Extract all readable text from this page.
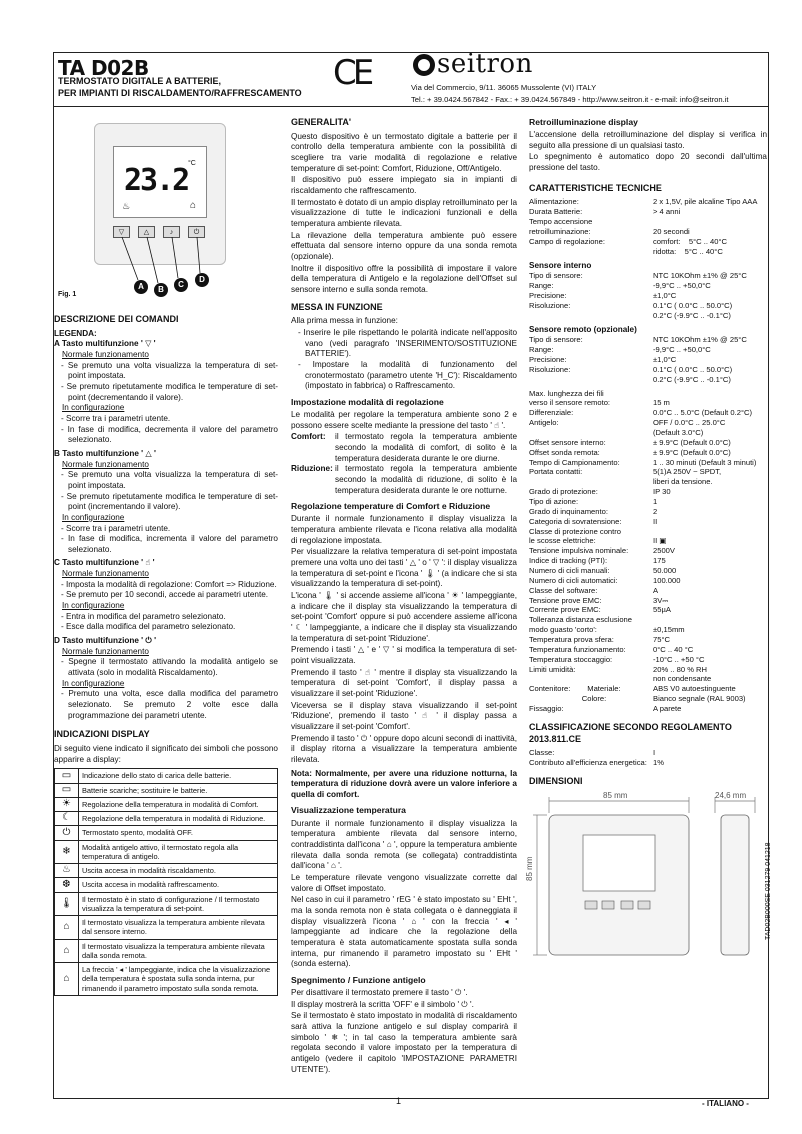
TA D02B
TERMOSTATO DIGITALE A BATTERIE,
PER IMPIANTI DI RISCALDAMENTO/RAFFRESCAMENTO
CE	seitron
Via del Commercio, 9/11. 36065 Mussolente (VI) ITALY
Tel.: + 39.0424.567842 - Fax.: + 39.0424.567849 - http://www.seitron.it - e-mail: info@seitron.it
23.2 °C
⌂
♨
▽	△	♪	⏻
A	B
C
D
Fig. 1
DESCRIZIONE DEI COMANDI
LEGENDA:
A Tasto multifunzione ' ▽ '
Normale funzionamento
- Se premuto una volta visualizza la temperatura di set-point impostata.
- Se premuto ripetutamente modifica le temperature di set-point (decrementando il valore).
In configurazione
- Scorre tra i parametri utente.
- In fase di modifica, decrementa il valore del parametro selezionato.
B Tasto multifunzione ' △ '
Normale funzionamento
- Se premuto una volta visualizza la temperatura di set-point impostata.
- Se premuto ripetutamente modifica le temperature di set-point (incrementando il valore).
In configurazione
- Scorre tra i parametri utente.
- In fase di modifica, incrementa il valore del parametro selezionato.
C Tasto multifunzione ' ☝ '
Normale funzionamento
- Imposta la modalità di regolazione: Comfort => Riduzione.
- Se premuto per 10 secondi, accede ai parametri utente.
In configurazione
- Entra in modifica del parametro selezionato.
- Esce dalla modifica del parametro selezionato.
D Tasto multifunzione ' ⏻ '
Normale funzionamento
- Spegne il termostato attivando la modalità antigelo se attivata (solo in modalità Riscaldamento).
In configurazione
- Premuto una volta, esce dalla modifica del parametro selezionato. Se premuto 2 volte esce dalla programmazione dei parametri utente.
INDICAZIONI DISPLAY

Di seguito viene indicato il significato dei simboli che possono apparire a display:

▭	Indicazione dello stato di carica delle batterie.
▭	Batterie scariche; sostituire le batterie.
☀	Regolazione della temperatura in modalità di Comfort.
☾	Regolazione della temperatura in modalità di Riduzione.
⏻	Termostato spento, modalità OFF.
❄	Modalità antigelo attivo, il termostato regola alla temperatura di antigelo.
♨	Uscita accesa in modalità riscaldamento.
❆	Uscita accesa in modalità raffrescamento.
🌡	Il termostato è in stato di configurazione / Il termostato visualizza la temperatura di set-point.
⌂	Il termostato visualizza la temperatura ambiente rilevata dal sensore interno.
⌂	Il termostato visualizza la temperatura ambiente rilevata dalla sonda remota.
⌂	La freccia ' ◂ ' lampeggiante, indica che la visualizzazione della temperatura è spostata sulla sonda interna, pur rimanendo il parametro impostato sulla sonda remota.
GENERALITA'

Questo dispositivo è un termostato digitale a batterie per il controllo della temperatura ambiente con la possibilità di scegliere tra varie modalità di regolazione e relative temperature di set-point: Comfort, Riduzione, Off/Antigelo.

Il dispositivo può essere impiegato sia in impianti di riscaldamento che raffrescamento.

Il termostato è dotato di un ampio display retroilluminato per la visualizzazione di tutte le indicazioni funzionali e della temperatura ambiente rilevata.

La rilevazione della temperatura ambiente può essere effettuata dal sensore interno oppure da una sonda remota (opzionale).

Inoltre il dispositivo offre la possibilità di impostare il valore della temperatura di Antigelo e la regolazione dell'Offset sul sensore interno e sulla sonda remota.

MESSA IN FUNZIONE

Alla prima messa in funzione:

- Inserire le pile rispettando le polarità indicate nell'apposito vano (vedi paragrafo 'INSERIMENTO/SOSTITUZIONE BATTERIE').
- Impostare la modalità di funzionamento del cronotermostato (parametro utente 'H_C'): Riscaldamento (impostato in fabbrica) o Raffrescamento.
Impostazione modalità di regolazione

Le modalità per regolare la temperatura ambiente sono 2 e possono essere scelte mediante la pressione del tasto ' ☝ '.

Comfort:	il termostato regola la temperatura ambiente secondo la modalità di comfort, di solito è la temperatura desiderata durante le ore diurne.
Riduzione: il termostato regola la temperatura ambiente secondo la modalità di riduzione, di solito è la temperatura desiderata durante le ore notturne.
Regolazione temperature di Comfort e Riduzione

Durante il normale funzionamento il display visualizza la temperatura ambiente rilevata e l'icona relativa alla modalità di regolazione impostata.

Per visualizzare la relativa temperatura di set-point impostata premere una volta uno dei tasti ' △ ' o ' ▽ ': il display visualizza la temperatura di set-point e l'icona ' 🌡 ' (a indicare che si sta visualizzando la temperatura di set-point).

L'icona ' 🌡 ' si accende assieme all'icona ' ☀ ' lampeggiante, a indicare che il display sta visualizzando la temperatura di set-point 'Comfort' oppure si può accendere assieme all'icona ' ☾ ' lampeggiante, a indicare che il display sta visualizzando la temperatura di set-point 'Riduzione'.

Premendo i tasti ' △ ' e ' ▽ ' si modifica la temperatura di set-point visualizzata.

Premendo il tasto ' ☝ ' mentre il display sta visualizzando la temperatura di set-point 'Comfort', il display passa a visualizzare il set-point 'Riduzione'.

Viceversa se il display stava visualizzando il set-point 'Riduzione', premendo il tasto ' ☝ ' il display passa a visualizzare il set-point 'Comfort'.

Premendo il tasto ' ⏻ ' oppure dopo alcuni secondi di inattività, il display ritorna a visualizzare la temperatura ambiente rilevata.

Nota: Normalmente, per avere una riduzione notturna, la temperatura di riduzione dovrà avere un valore inferiore a quella di comfort.

Visualizzazione temperatura

Durante il normale funzionamento il display visualizza la temperatura ambiente rilevata dal sensore interno, contraddistinta dall'icona ' ⌂ ', oppure la temperatura ambiente rilevata dalla sonda remota (se collegata) contraddistinta dall'icona ' ⌂ '.

Le temperature rilevate vengono visualizzate corrette dal valore di Offset impostato.

Nel caso in cui il parametro ' rEG ' è stato impostato su ' EHt ', ma la sonda remota non è stata collegata o è danneggiata il display visualizzerà l'icona ' ⌂ ' con la freccia ' ◂ ' lampeggiante ad indicare che la regolazione della temperatura è stata automaticamente spostata sulla sonda interna, pur rimanendo il parametro impostato su ' EHt ' (sonda esterna).

Spegnimento / Funzione antigelo

Per disattivare il termostato premere il tasto ' ⏻ '.

Il display mostrerà la scritta 'OFF' e il simbolo ' ⏻ '.

Se il termostato è stato impostato in modalità di riscaldamento sarà attiva la funzione antigelo e sul display comparirà il simbolo ' ❄ '; in tal caso la temperatura ambiente sarà regolata secondo il valore impostato per la temperatura di antigelo (vedere il capitolo 'IMPOSTAZIONE PARAMETRI UTENTE').

Retroilluminazione display

L'accensione della retroilluminazione del display si verifica in seguito alla pressione di un qualsiasi tasto.

Lo spegnimento è automatico dopo 20 secondi dall'ultima pressione del tasto.

CARATTERISTICHE TECNICHE
Alimentazione:	2 x 1,5V, pile alcaline Tipo AAA
Durata Batterie:	> 4 anni
Tempo accensione	
retroilluminazione:	20 secondi
Campo di regolazione:	comfort:    5°C .. 40°C
	ridotta:    5°C .. 40°C
Sensore interno
Tipo di sensore:	NTC 10KOhm ±1% @ 25°C
Range:	-9,9°C .. +50,0°C
Precisione:	±1,0°C
Risoluzione:	0.1°C ( 0.0°C .. 50.0°C)
	0.2°C (-9.9°C .. -0.1°C)
Sensore remoto (opzionale)
Tipo di sensore:	NTC 10KOhm ±1% @ 25°C
Range:	-9,9°C .. +50,0°C
Precisione:	±1,0°C
Risoluzione:	0.1°C ( 0.0°C .. 50.0°C)
	0.2°C (-9.9°C .. -0.1°C)
Max. lunghezza dei fili	
verso il sensore remoto:	15 m
Differenziale:	0.0°C .. 5.0°C (Default 0.2°C)
Antigelo:	OFF / 0.0°C .. 25.0°C
	(Default 3.0°C)
Offset sensore interno:	± 9.9°C (Default 0.0°C)
Offset sonda remota:	± 9.9°C (Default 0.0°C)
Tempo di Campionamento:	1 .. 30 minuti (Default 3 minuti)
Portata contatti:	5(1)A 250V ~ SPDT,
	liberi da tensione.
Grado di protezione:	IP 30
Tipo di azione:	1
Grado di inquinamento:	2
Categoria di sovratensione:	II
Classe di protezione contro	
le scosse elettriche:	II ▣
Tensione impulsiva nominale:	2500V
Indice di tracking (PTI):	175
Numero di cicli manuali:	50.000
Numero di cicli automatici:	100.000
Classe del software:	A
Tensione prove EMC:	3V⎓
Corrente prove EMC:	55µA
Tolleranza distanza esclusione	
modo guasto 'corto':	±0,15mm
Temperatura prova sfera:	75°C
Temperatura funzionamento:	0°C .. 40 °C
Temperatura stoccaggio:	-10°C .. +50 °C
Limiti umidità:	20% .. 80 % RH
	non condensante
Contenitore:        Materiale:	ABS V0 autoestinguente
Colore:	Bianco segnale (RAL 9003)
Fissaggio:	A parete
CLASSIFICAZIONE SECONDO REGOLAMENTO 2013.811.CE
Classe:	I
Contributo all'efficienza energetica:	1%
DIMENSIONI
85 mm	24,6 mm
85 mm
1	- ITALIANO -
TAD02B000SE 031279 041218
